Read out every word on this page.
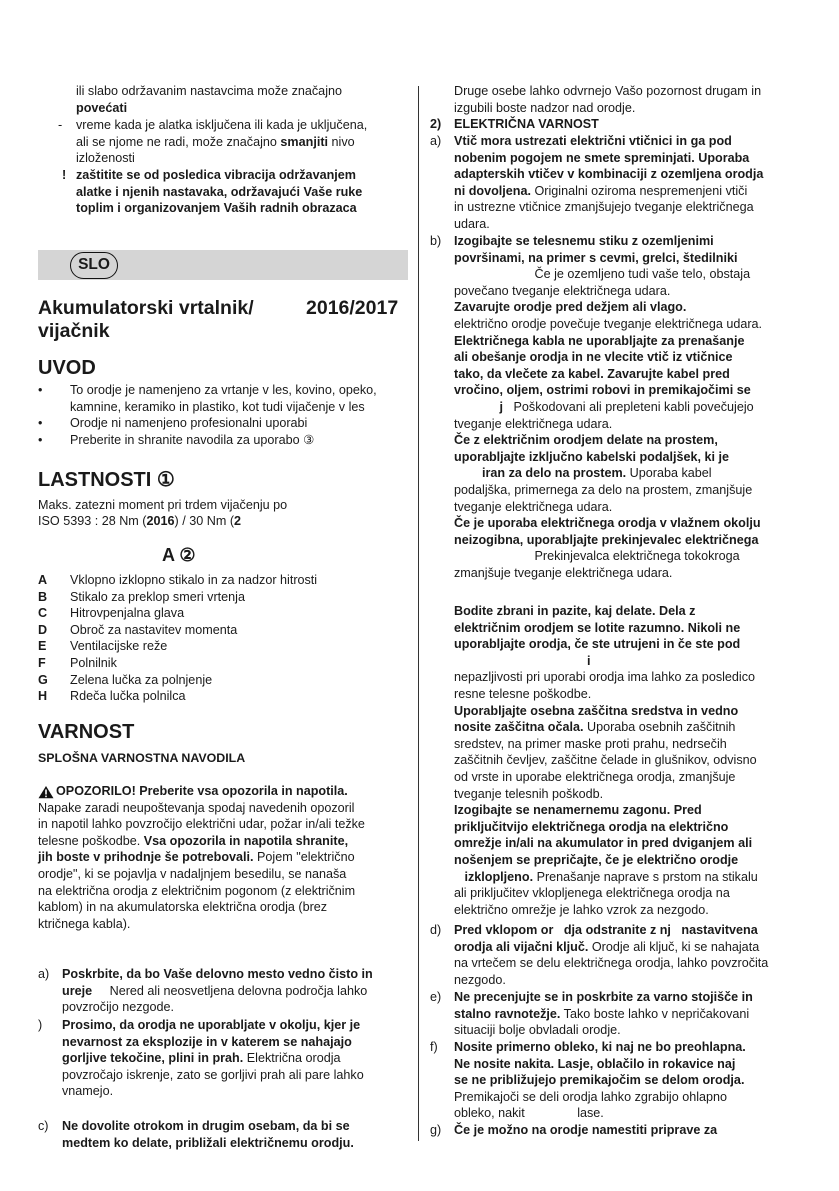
ili slabo održavanim nastavcima može značajno
povećati
- vreme kada je alatka isključena ili kada je uključena,
ali se njome ne radi, može značajno smanjiti nivo
izloženosti
! zaštitite se od posledica vibracija održavanjem
alatke i njenih nastavaka, održavajući Vaše ruke
toplim i organizovanjem Vaših radnih obrazaca
SLO
Akumulatorski vrtalnik/
vijačnik
2016/2017
UVOD
•	To orodje je namenjeno za vrtanje v les, kovino, opeko,
kamnine, keramiko in plastiko, kot tudi vijačenje v les
•	Orodje ni namenjeno profesionalni uporabi
•	Preberite in shranite navodila za uporabo ③
LASTNOSTI ①
Maks. zatezni moment pri trdem vijačenju po
ISO 5393 : 28 Nm (2016) / 30 Nm (2
A ②
A	Vklopno izklopno stikalo in za nadzor hitrosti
B	Stikalo za preklop smeri vrtenja
C	Hitrovpenjalna glava
D	Obroč za nastavitev momenta
E	Ventilacijske reže
F	Polnilnik
G	Zelena lučka za polnjenje
H	Rdeča lučka polnilca
VARNOST
SPLOŠNA VARNOSTNA NAVODILA
OPOZORILO! Preberite vsa opozorila in napotila.
Napake zaradi neupoštevanja spodaj navedenih opozoril
in napotil lahko povzročijo električni udar, požar in/ali težke
telesne poškodbe. Vsa opozorila in napotila shranite,
jih boste v prihodnje še potrebovali. Pojem "električno
orodje", ki se pojavlja v nadaljnjem besedilu, se nanaša
na električna orodja z električnim pogonom (z električnim
kablom) in na akumulatorska električna orodja (brez
ktričnega kabla).
a) Poskrbite, da bo Vaše delovno mesto vedno čisto in
ureje     Nered ali neosvetljena delovna področja lahko
povzročijo nezgode.
) Prosimo, da orodja ne uporabljate v okolju, kjer je
nevarnost za eksplozije in v katerem se nahajajo
gorljive tekočine, plini in prah. Električna orodja
povzročajo iskrenje, zato se gorljivi prah ali pare lahko
vnamejo.
c) Ne dovolite otrokom in drugim osebam, da bi se
medtem ko delate, približali električnemu orodju.
Druge osebe lahko odvrnejo Vašo pozornost drugam in
izgubili boste nadzor nad orodje.
2) ELEKTRIČNA VARNOST
a) Vtič mora ustrezati električni vtičnici in ga pod
nobenim pogojem ne smete spreminjati. Uporaba
adapterskih vtičev v kombinaciji z ozemljena orodja
ni dovoljena. Originalni oziroma nespremenjeni vtiči
in ustrezne vtičnice zmanjšujejo tveganje električnega
udara.
b) Izogibajte se telesnemu stiku z ozemljenimi
površinami, na primer s cevmi, grelci, štedilniki
Če je ozemljeno tudi vaše telo, obstaja
povečano tveganje električnega udara.
Zavarujte orodje pred dežjem ali vlago.
električno orodje povečuje tveganje električnega udara.
Električnega kabla ne uporabljajte za prenašanje
ali obešanje orodja in ne vlecite vtič iz vtičnice
tako, da vlečete za kabel. Zavarujte kabel pred
vročino, oljem, ostrimi robovi in premikajočimi se
j   Poškodovani ali prepleteni kabli povečujejo
tveganje električnega udara.
Če z električnim orodjem delate na prostem,
uporabljajte izključno kabelski podaljšek, ki je
iran za delo na prostem. Uporaba kabel
podaljška, primernega za delo na prostem, zmanjšuje
tveganje električnega udara.
Če je uporaba električnega orodja v vlažnem okolju
neizogibna, uporabljajte prekinjevalec električnega
Prekinjevalca električnega tokokroga
zmanjšuje tveganje električnega udara.
Bodite zbrani in pazite, kaj delate. Dela z
električnim orodjem se lotite razumno. Nikoli ne
uporabljajte orodja, če ste utrujeni in če ste pod
i
nepazljivosti pri uporabi orodja ima lahko za posledico
resne telesne poškodbe.
Uporabljajte osebna zaščitna sredstva in vedno
nosite zaščitna očala. Uporaba osebnih zaščitnih
sredstev, na primer maske proti prahu, nedrsečih
zaščitnih čevljev, zaščitne čelade in glušnikov, odvisno
od vrste in uporabe električnega orodja, zmanjšuje
tveganje telesnih poškodb.
Izogibajte se nenamernemu zagonu. Pred
priključitvijo električnega orodja na električno
omrežje in/ali na akumulator in pred dviganjem ali
nošenjem se prepričajte, če je električno orodje
izklopljeno. Prenašanje naprave s prstom na stikalu
ali priključitev vklopljenega električnega orodja na
električno omrežje je lahko vzrok za nezgodo.
d) Pred vklopom or   dja odstranite z nj   nastavitvena
orodja ali vijačni ključ. Orodje ali ključ, ki se nahajata
na vrtečem se delu električnega orodja, lahko povzročita
nezgodo.
e) Ne precenjujte se in poskrbite za varno stojišče in
stalno ravnotežje. Tako boste lahko v nepričakovani
situaciji bolje obvladali orodje.
f) Nosite primerno obleko, ki naj ne bo preohlapna.
Ne nosite nakita. Lasje, oblačilo in rokavice naj
se ne približujejo premikajočim se delom orodja.
Premikajoči se deli orodja lahko zgrabijo ohlapno
obleko, nakit               lase.
g) Če je možno na orodje namestiti priprave za
